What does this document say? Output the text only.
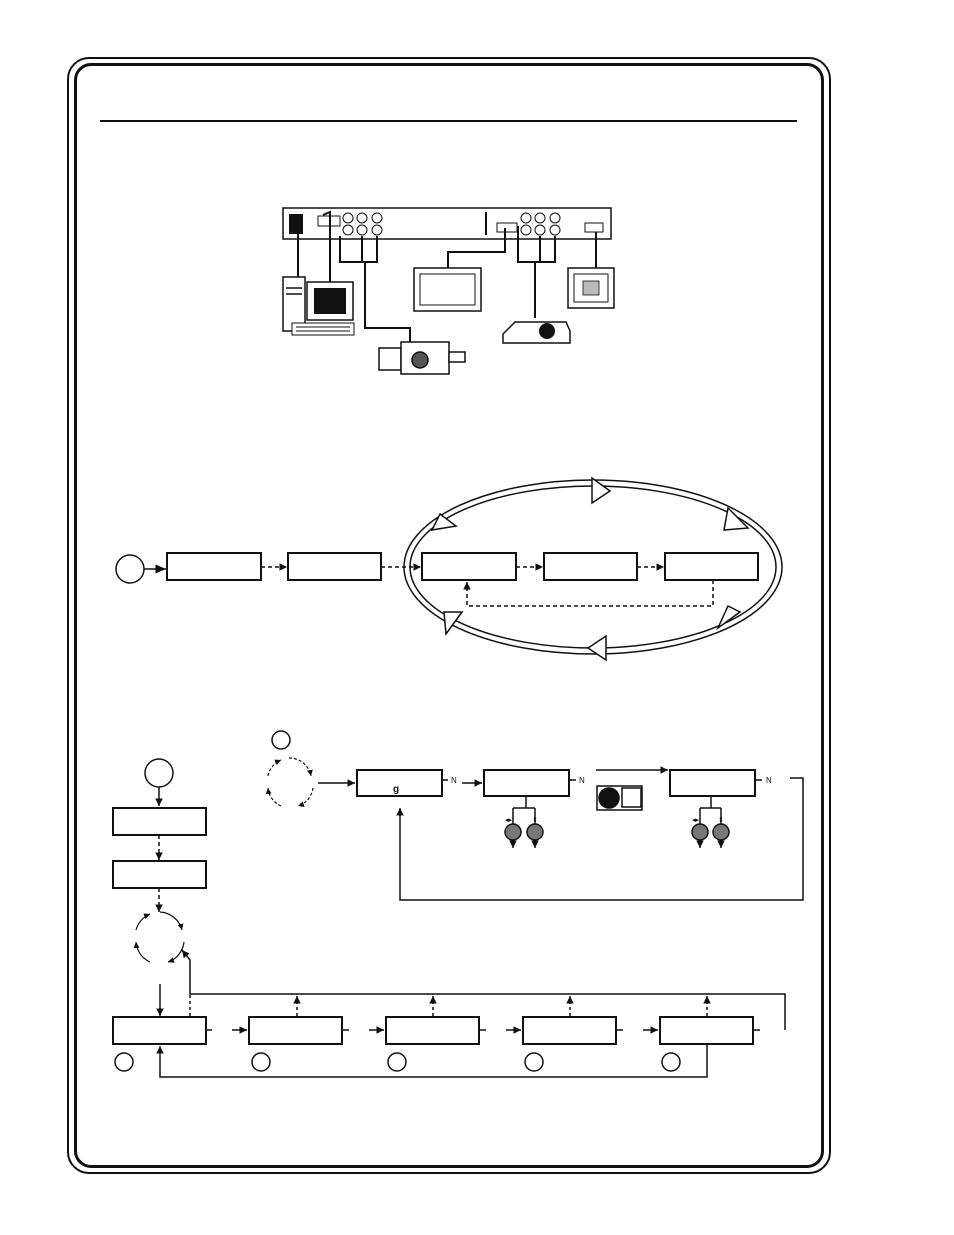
g
N	N	N
◂▸	⬍	◂▸	⬍
